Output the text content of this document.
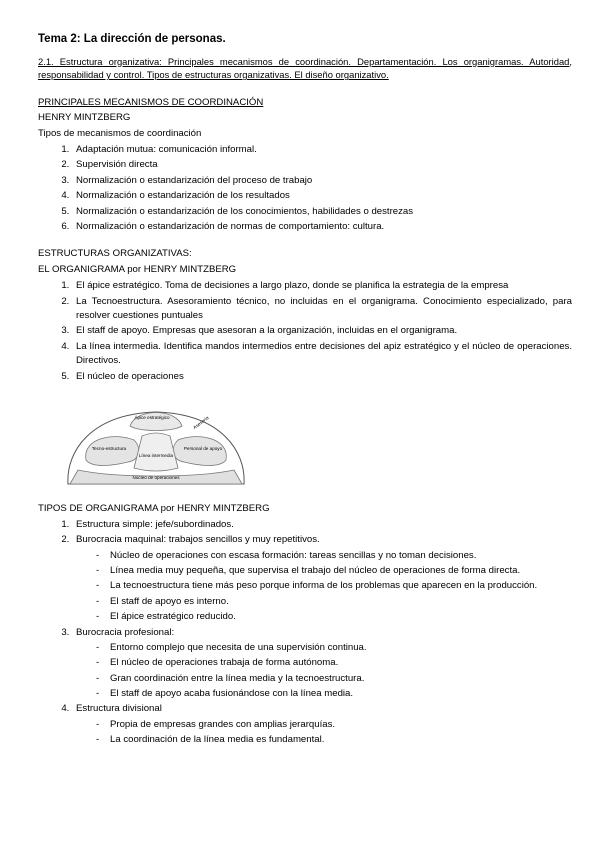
Tema 2: La dirección de personas.

2.1. Estructura organizativa: Principales mecanismos de coordinación. Departamentación. Los organigramas. Autoridad, responsabilidad y control. Tipos de estructuras organizativas. El diseño organizativo.

PRINCIPALES MECANISMOS DE COORDINACIÓN

HENRY MINTZBERG

Tipos de mecanismos de coordinación

1. Adaptación mutua: comunicación informal.
2. Supervisión directa
3. Normalización o estandarización del proceso de trabajo
4. Normalización o estandarización de los resultados
5. Normalización o estandarización de los conocimientos, habilidades o destrezas
6. Normalización o estandarización de normas de comportamiento: cultura.

ESTRUCTURAS ORGANIZATIVAS:

EL ORGANIGRAMA por HENRY MINTZBERG

1. El ápice estratégico. Toma de decisiones a largo plazo, donde se planifica la estrategia de la empresa
2. La Tecnoestructura. Asesoramiento técnico, no incluidas en el organigrama. Conocimiento especializado, para resolver cuestiones puntuales
3. El staff de apoyo. Empresas que asesoran a la organización, incluidas en el organigrama.
4. La línea intermedia. Identifica mandos intermedios entre decisiones del apiz estratégico y el núcleo de operaciones. Directivos.
5. El núcleo de operaciones
Ápice estratégico
Tecno-estructura	Personal de apoyo
Línea intermedia
Núcleo de operaciones
Asesoría

TIPOS DE ORGANIGRAMA por HENRY MINTZBERG

1. Estructura simple: jefe/subordinados.
2. Burocracia maquinal: trabajos sencillos y muy repetitivos.
- Núcleo de operaciones con escasa formación: tareas sencillas y no toman decisiones.
- Línea media muy pequeña, que supervisa el trabajo del núcleo de operaciones de forma directa.
- La tecnoestructura tiene más peso porque informa de los problemas que aparecen en la producción.
- El staff de apoyo es interno.
- El ápice estratégico reducido.
3. Burocracia profesional:
- Entorno complejo que necesita de una supervisión continua.
- El núcleo de operaciones trabaja de forma autónoma.
- Gran coordinación entre la línea media y la tecnoestructura.
- El staff de apoyo acaba fusionándose con la línea media.
4. Estructura divisional
- Propia de empresas grandes con amplias jerarquías.
- La coordinación de la línea media es fundamental.
